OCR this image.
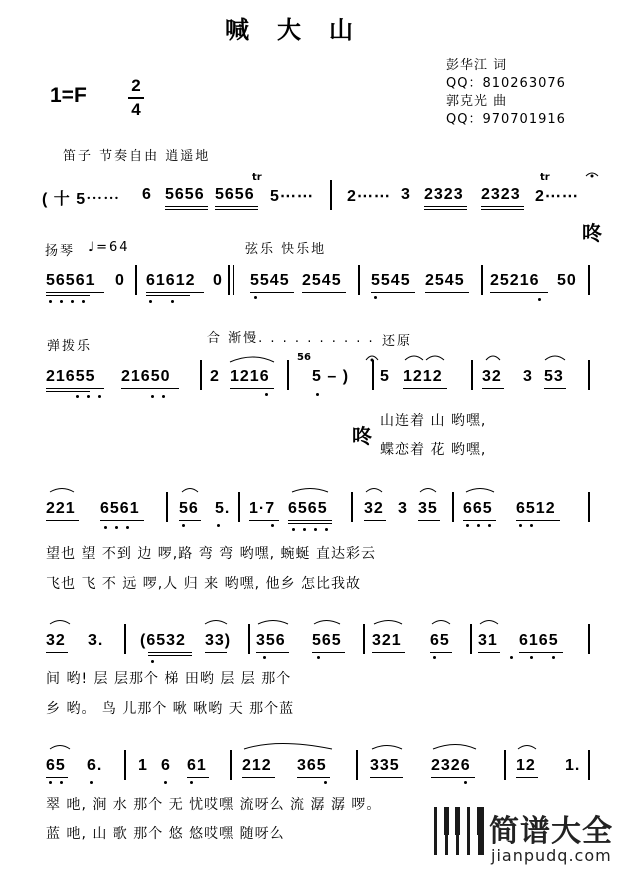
喊大山
彭华江 词
QQ：810263076
郭克光 曲
QQ：970701916
1=F	2
4
笛子 节奏自由 逍遥地
( ⼗ 5⋯⋯ 6 5656 5656 5⋯⋯ 2⋯⋯ 3 2323 2323 2⋯⋯
tr	tr
咚
扬琴 ♩=64	弦乐 快乐地
56561 0 61612 0 5545 2545 5545 2545 25216 50
弹拨乐
合 渐慢. . . . . . . . . . 还原
21655 21650 2 1216	5 – ) 5 1212 32 3 53
56
咚
山连着 山 哟嘿,
蝶恋着 花 哟嘿,
221 6561 56 5. 1·7 6565 32 3 35 665 6512
望也 望 不到 边 啰,路 弯 弯 哟嘿, 蜿蜒 直达彩云
飞也 飞 不 远 啰,人 归 来 哟嘿, 他乡 怎比我故
32 3. (6532 33) 356 565 321 65 31 6165
间 哟! 层 层那个 梯 田哟 层 层 那个
乡 哟。 鸟 儿那个 啾 啾哟 天 那个蓝
65 6. 1 6 61 212 365	335 2326	12 1.
翠 吔, 涧 水 那个 无 忧哎嘿 流呀么 流 潺 潺 啰。
蓝 吔, 山 歌 那个 悠 悠哎嘿 随呀么	简谱大全
jianpudq.com
